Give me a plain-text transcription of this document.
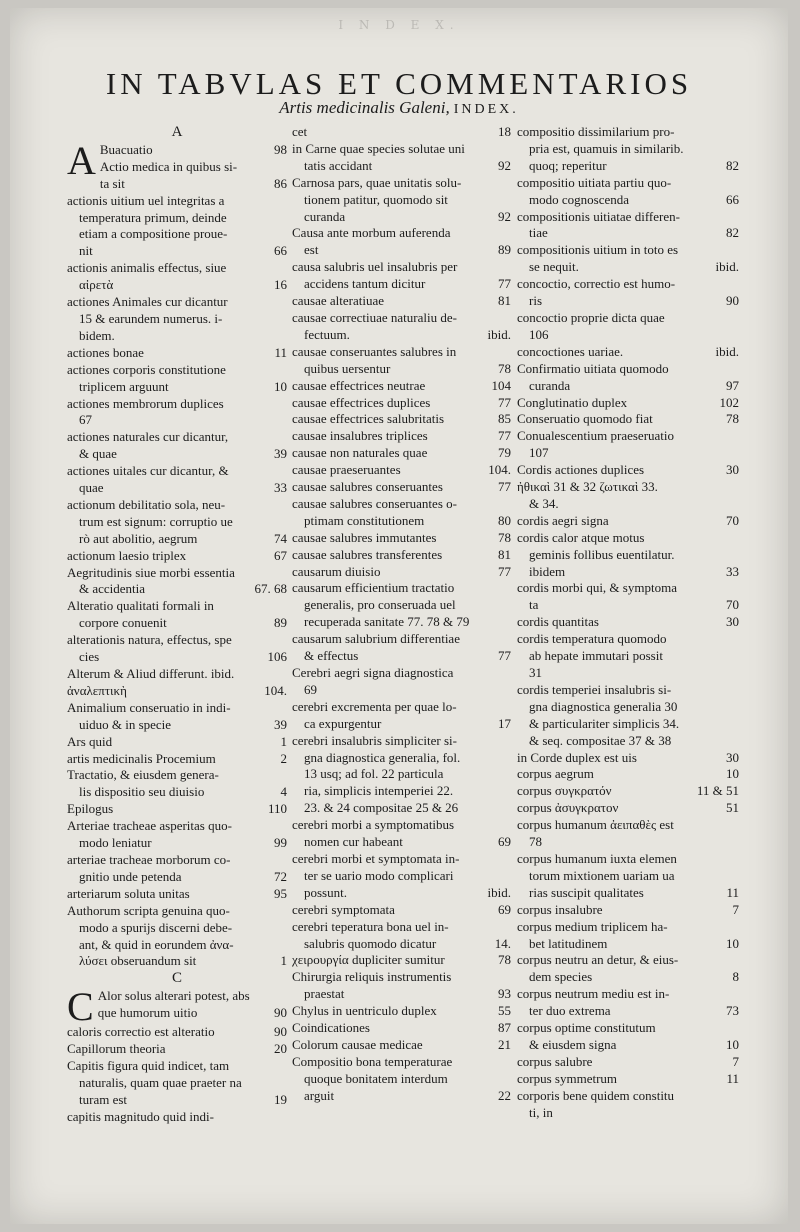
I N D E X.
IN TABVLAS ET COMMENTARIOS
Artis medicinalis Galeni, INDEX.
A
A	98
Buacuatio
Actio medica in quibus si-
86
ta sit
actionis uitium uel integritas a
temperatura primum, deinde
etiam a compositione proue-
66
nit
actionis animalis effectus, siue
16
αἰρετὰ
actiones Animales cur dicantur
15 & earundem numerus. i-
bidem.
11
actiones bonae
actiones corporis constitutione
10
triplicem arguunt
actiones membrorum duplices
67
actiones naturales cur dicantur,
39
& quae
actiones uitales cur dicantur, &
33
quae
actionum debilitatio sola, neu-
trum est signum: corruptio ue
74
rò aut abolitio, aegrum
67
actionum laesio triplex
Aegritudinis siue morbi essentia
67. 68
& accidentia
Alteratio qualitati formali in
89
corpore conuenit
alterationis natura, effectus, spe
106
cies
Alterum & Aliud differunt. ibid.
104.
ἀναλεπτικὴ
Animalium conseruatio in indi-
39
uiduo & in specie
1
Ars quid
2
artis medicinalis Procemium
Tractatio, & eiusdem genera-
4
lis dispositio seu diuisio
110
Epilogus
Arteriae tracheae asperitas quo-
99
modo leniatur
arteriae tracheae morborum co-
72
gnitio unde petenda
95
arteriarum soluta unitas
Authorum scripta genuina quo-
modo a spurijs discerni debe-
ant, & quid in eorundem ἀνα-
1
λύσει obseruandum sit
C
C Alor solus alterari potest, abs
90
que humorum uitio
90
caloris correctio est alteratio
20
Capillorum theoria
Capitis figura quid indicet, tam
naturalis, quam quae praeter na
19
turam est
capitis magnitudo quid indi-
18
cet
in Carne quae species solutae uni
92
tatis accidant
Carnosa pars, quae unitatis solu-
tionem patitur, quomodo sit
92
curanda
Causa ante morbum auferenda
89
est
causa salubris uel insalubris per
77
accidens tantum dicitur
81
causae alteratiuae
causae correctiuae naturaliu de-
ibid.
fectuum.
causae conseruantes salubres in
78
quibus uersentur
104
causae effectrices neutrae
77
causae effectrices duplices
85
causae effectrices salubritatis
77
causae insalubres triplices
79
causae non naturales quae
104.
causae praeseruantes
77
causae salubres conseruantes
causae salubres conseruantes o-
80
ptimam constitutionem
78
causae salubres immutantes
81
causae salubres transferentes
77
causarum diuisio
causarum efficientium tractatio
generalis, pro conseruada uel
recuperada sanitate 77. 78 & 79
causarum salubrium differentiae
77
& effectus
Cerebri aegri signa diagnostica
69
cerebri excrementa per quae lo-
17
ca expurgentur
cerebri insalubris simpliciter si-
gna diagnostica generalia, fol.
13 usq; ad fol. 22 particula
ria, simplicis intemperiei 22.
23. & 24 compositae 25 & 26
cerebri morbi a symptomatibus
69
nomen cur habeant
cerebri morbi et symptomata in-
ter se uario modo complicari
ibid.
possunt.
69
cerebri symptomata
cerebri teperatura bona uel in-
14.
salubris quomodo dicatur
78
χειρουργία dupliciter sumitur
Chirurgia reliquis instrumentis
93
praestat
55
Chylus in uentriculo duplex
87
Coindicationes
21
Colorum causae medicae
Compositio bona temperaturae
quoque bonitatem interdum
22
arguit
compositio dissimilarium pro-
pria est, quamuis in similarib.
82
quoq; reperitur
compositio uitiata partiu quo-
66
modo cognoscenda
compositionis uitiatae differen-
82
tiae
compositionis uitium in toto es
ibid.
se nequit.
concoctio, correctio est humo-
90
ris
concoctio proprie dicta quae
106
ibid.
concoctiones uariae.
Confirmatio uitiata quomodo
97
curanda
102
Conglutinatio duplex
78
Conseruatio quomodo fiat
Conualescentium praeseruatio
107
30
Cordis actiones duplices
ἠθικαὶ 31 & 32 ζωτικαὶ 33.
& 34.
70
cordis aegri signa
cordis calor atque motus
geminis follibus euentilatur.
33
ibidem
cordis morbi qui, & symptoma
70
ta
30
cordis quantitas
cordis temperatura quomodo
ab hepate immutari possit
31
cordis temperiei insalubris si-
gna diagnostica generalia 30
& particulariter simplicis 34.
& seq. compositae 37 & 38
30
in Corde duplex est uis
10
corpus aegrum
11 & 51
corpus συγκρατόν
51
corpus ἀσυγκρατον
corpus humanum ἀειπαθὲς est
78
corpus humanum iuxta elemen
torum mixtionem uariam ua
11
rias suscipit qualitates
7
corpus insalubre
corpus medium triplicem ha-
10
bet latitudinem
corpus neutru an detur, & eius-
8
dem species
corpus neutrum mediu est in-
73
ter duo extrema
corpus optime constitutum
10
& eiusdem signa
7
corpus salubre
11
corpus symmetrum
corporis bene quidem constitu
ti, in
